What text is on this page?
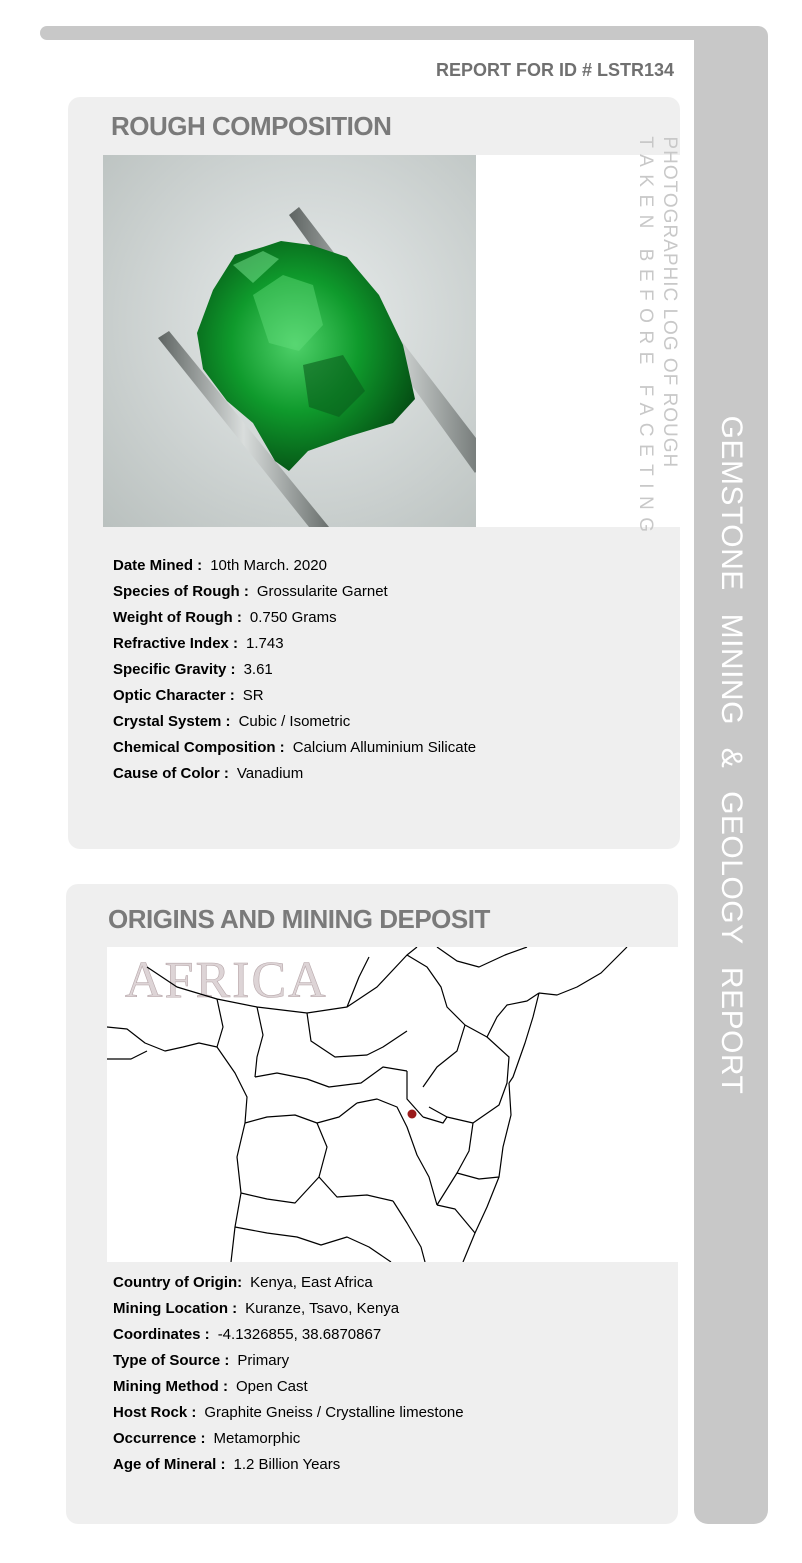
GEMSTONE MINING & GEOLOGY REPORT
REPORT FOR ID # LSTR134
ROUGH COMPOSITION
PHOTOGRAPHIC LOG OF ROUGH
TAKEN BEFORE FACETING
Date Mined : 10th March. 2020
Species of Rough : Grossularite Garnet
Weight of Rough : 0.750 Grams
Refractive Index : 1.743
Specific Gravity : 3.61
Optic Character : SR
Crystal System : Cubic / Isometric
Chemical Composition : Calcium Alluminium Silicate
Cause of Color : Vanadium
ORIGINS AND MINING DEPOSIT
AFRICA
Country of Origin: Kenya, East Africa
Mining Location : Kuranze, Tsavo, Kenya
Coordinates : -4.1326855, 38.6870867
Type of Source : Primary
Mining Method : Open Cast
Host Rock : Graphite Gneiss / Crystalline limestone
Occurrence : Metamorphic
Age of Mineral : 1.2 Billion Years
